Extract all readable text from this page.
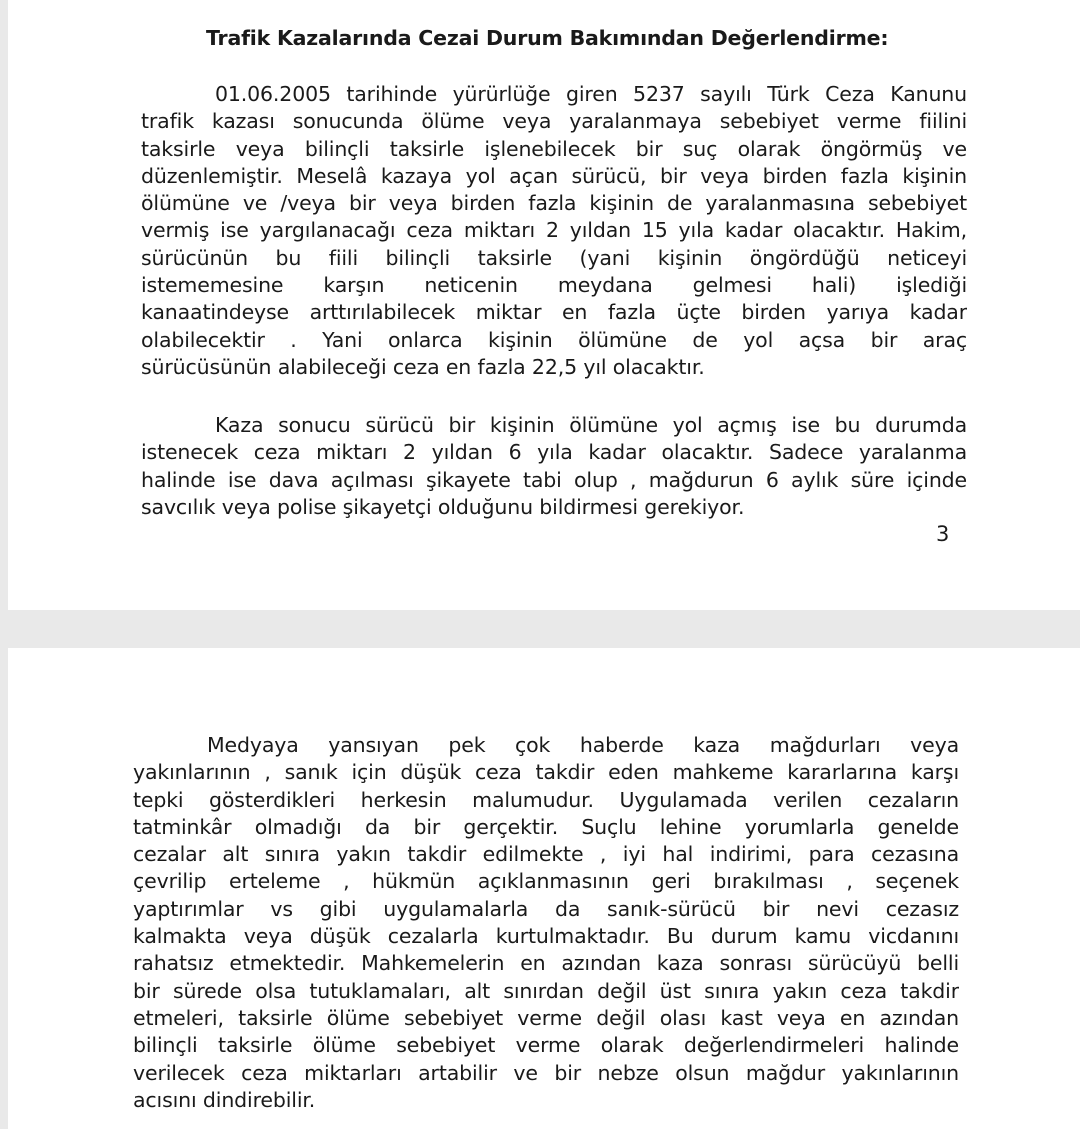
Trafik Kazalarında Cezai Durum Bakımından Değerlendirme:
01.06.2005 tarihinde yürürlüğe giren 5237 sayılı Türk Ceza Kanunu
trafik kazası sonucunda ölüme veya yaralanmaya sebebiyet verme fiilini
taksirle veya bilinçli taksirle işlenebilecek bir suç olarak öngörmüş ve
düzenlemiştir. Meselâ kazaya yol açan sürücü, bir veya birden fazla kişinin
ölümüne ve /veya bir veya birden fazla kişinin de yaralanmasına sebebiyet
vermiş ise yargılanacağı ceza miktarı 2 yıldan 15 yıla kadar olacaktır. Hakim,
sürücünün bu fiili bilinçli taksirle (yani kişinin öngördüğü neticeyi
istememesine karşın neticenin meydana gelmesi hali) işlediği
kanaatindeyse arttırılabilecek miktar en fazla üçte birden yarıya kadar
olabilecektir . Yani onlarca kişinin ölümüne de yol açsa bir araç
sürücüsünün alabileceği ceza en fazla 22,5 yıl olacaktır.
Kaza sonucu sürücü bir kişinin ölümüne yol açmış ise bu durumda
istenecek ceza miktarı 2 yıldan 6 yıla kadar olacaktır. Sadece yaralanma
halinde ise dava açılması şikayete tabi olup , mağdurun 6 aylık süre içinde
savcılık veya polise şikayetçi olduğunu bildirmesi gerekiyor.
3
Medyaya yansıyan pek çok haberde kaza mağdurları veya
yakınlarının , sanık için düşük ceza takdir eden mahkeme kararlarına karşı
tepki gösterdikleri herkesin malumudur. Uygulamada verilen cezaların
tatminkâr olmadığı da bir gerçektir. Suçlu lehine yorumlarla genelde
cezalar alt sınıra yakın takdir edilmekte , iyi hal indirimi, para cezasına
çevrilip erteleme , hükmün açıklanmasının geri bırakılması , seçenek
yaptırımlar vs gibi uygulamalarla da sanık-sürücü bir nevi cezasız
kalmakta veya düşük cezalarla kurtulmaktadır. Bu durum kamu vicdanını
rahatsız etmektedir. Mahkemelerin en azından kaza sonrası sürücüyü belli
bir sürede olsa tutuklamaları, alt sınırdan değil üst sınıra yakın ceza takdir
etmeleri, taksirle ölüme sebebiyet verme değil olası kast veya en azından
bilinçli taksirle ölüme sebebiyet verme olarak değerlendirmeleri halinde
verilecek ceza miktarları artabilir ve bir nebze olsun mağdur yakınlarının
acısını dindirebilir.
